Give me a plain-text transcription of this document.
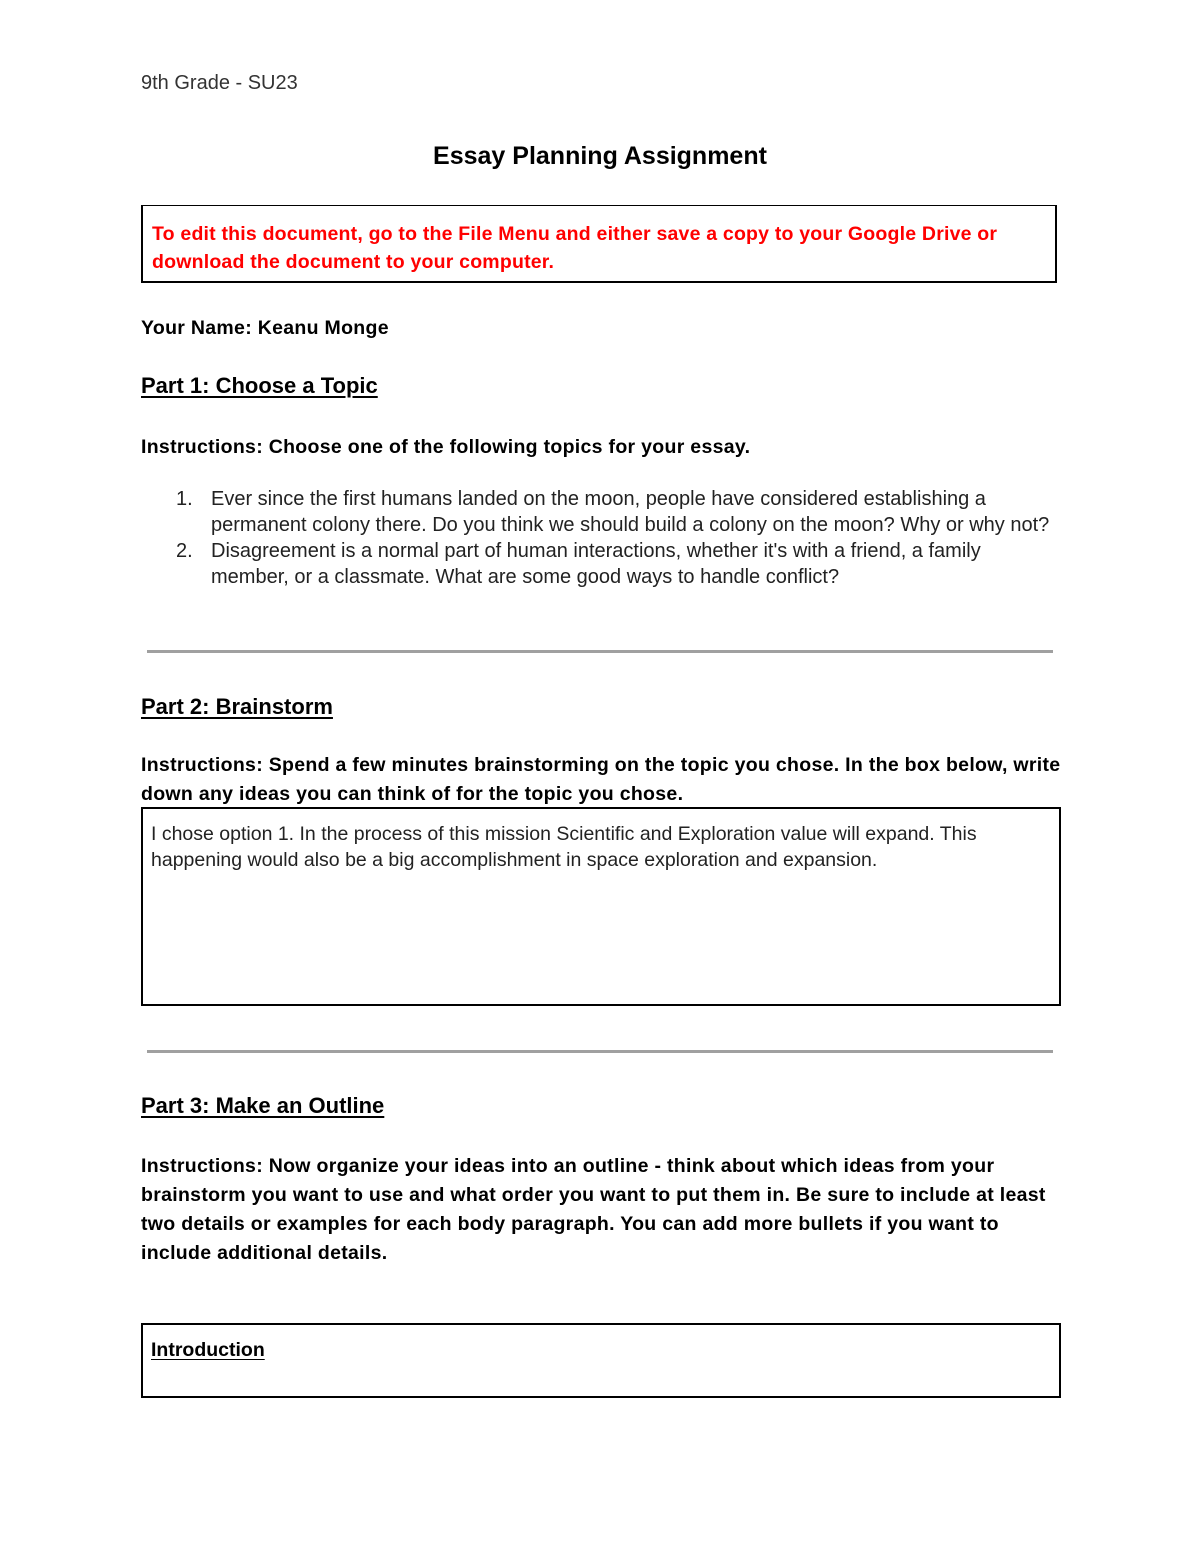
9th Grade - SU23
Essay Planning Assignment
To edit this document, go to the File Menu and either save a copy to your Google Drive or download the document to your computer.
Your Name: Keanu Monge
Part 1: Choose a Topic
Instructions: Choose one of the following topics for your essay.
1. Ever since the first humans landed on the moon, people have considered establishing a permanent colony there. Do you think we should build a colony on the moon? Why or why not?
2. Disagreement is a normal part of human interactions, whether it's with a friend, a family member, or a classmate. What are some good ways to handle conflict?
Part 2: Brainstorm
Instructions: Spend a few minutes brainstorming on the topic you chose. In the box below, write down any ideas you can think of for the topic you chose.
I chose option 1. In the process of this mission Scientific and Exploration value will expand. This happening would also be a big accomplishment in space exploration and expansion.
Part 3: Make an Outline
Instructions: Now organize your ideas into an outline - think about which ideas from your brainstorm you want to use and what order you want to put them in. Be sure to include at least two details or examples for each body paragraph. You can add more bullets if you want to include additional details.
Introduction
